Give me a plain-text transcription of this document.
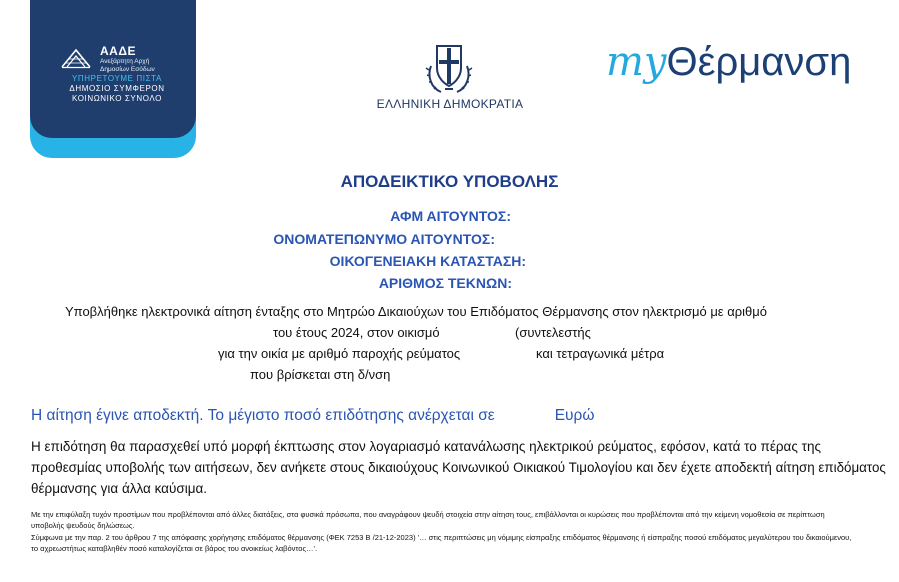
ΑΑΔΕ
Ανεξάρτητη Αρχή
Δημοσίων Εσόδων
ΥΠΗΡΕΤΟΥΜΕ ΠΙΣΤΑ
ΔΗΜΟΣΙΟ ΣΥΜΦΕΡΟΝ
ΚΟΙΝΩΝΙΚΟ ΣΥΝΟΛΟ	ΕΛΛΗΝΙΚΗ ΔΗΜΟΚΡΑΤΙΑ
myΘέρμανση
ΑΠΟΔΕΙΚΤΙΚΟ ΥΠΟΒΟΛΗΣ
ΑΦΜ ΑΙΤΟΥΝΤΟΣ:
ΟΝΟΜΑΤΕΠΩΝΥΜΟ ΑΙΤΟΥΝΤΟΣ:
ΟΙΚΟΓΕΝΕΙΑΚΗ ΚΑΤΑΣΤΑΣΗ:
ΑΡΙΘΜΟΣ ΤΕΚΝΩΝ:
Υποβλήθηκε ηλεκτρονικά αίτηση ένταξης στο Μητρώο Δικαιούχων του Επιδόματος Θέρμανσης στον ηλεκτρισμό με αριθμό
του έτους 2024, στον οικισμό	(συντελεστής
για την οικία με αριθμό παροχής ρεύματος	και τετραγωνικά μέτρα
που βρίσκεται στη δ/νση
Η αίτηση έγινε αποδεκτή. Το μέγιστο ποσό επιδότησης ανέρχεται σε	Ευρώ
Η επιδότηση θα παρασχεθεί υπό μορφή έκπτωσης στον λογαριασμό κατανάλωσης ηλεκτρικού ρεύματος, εφόσον, κατά το πέρας της
προθεσμίας υποβολής των αιτήσεων, δεν ανήκετε στους δικαιούχους Κοινωνικού Οικιακού Τιμολογίου και δεν έχετε αποδεκτή αίτηση επιδόματος
θέρμανσης για άλλα καύσιμα.
Με την επιφύλαξη τυχόν προστίμων που προβλέπονται από άλλες διατάξεις, στα φυσικά πρόσωπα, που αναγράφουν ψευδή στοιχεία στην αίτηση τους, επιβάλλονται οι κυρώσεις που προβλέπονται από την κείμενη νομοθεσία σε περίπτωση
υποβολής ψευδούς δηλώσεως.
Σύμφωνα με την παρ. 2 του άρθρου 7 της απόφασης χορήγησης επιδόματος θέρμανσης (ΦΕΚ 7253 Β /21-12-2023) '… στις περιπτώσεις μη νόμιμης είσπραξης επιδόματος θέρμανσης ή είσπραξης ποσού επιδόματος μεγαλύτερου του δικαιούμενου,
το αχρεωστήτως καταβληθέν ποσό καταλογίζεται σε βάρος του ανοικείως λαβόντος…'.
